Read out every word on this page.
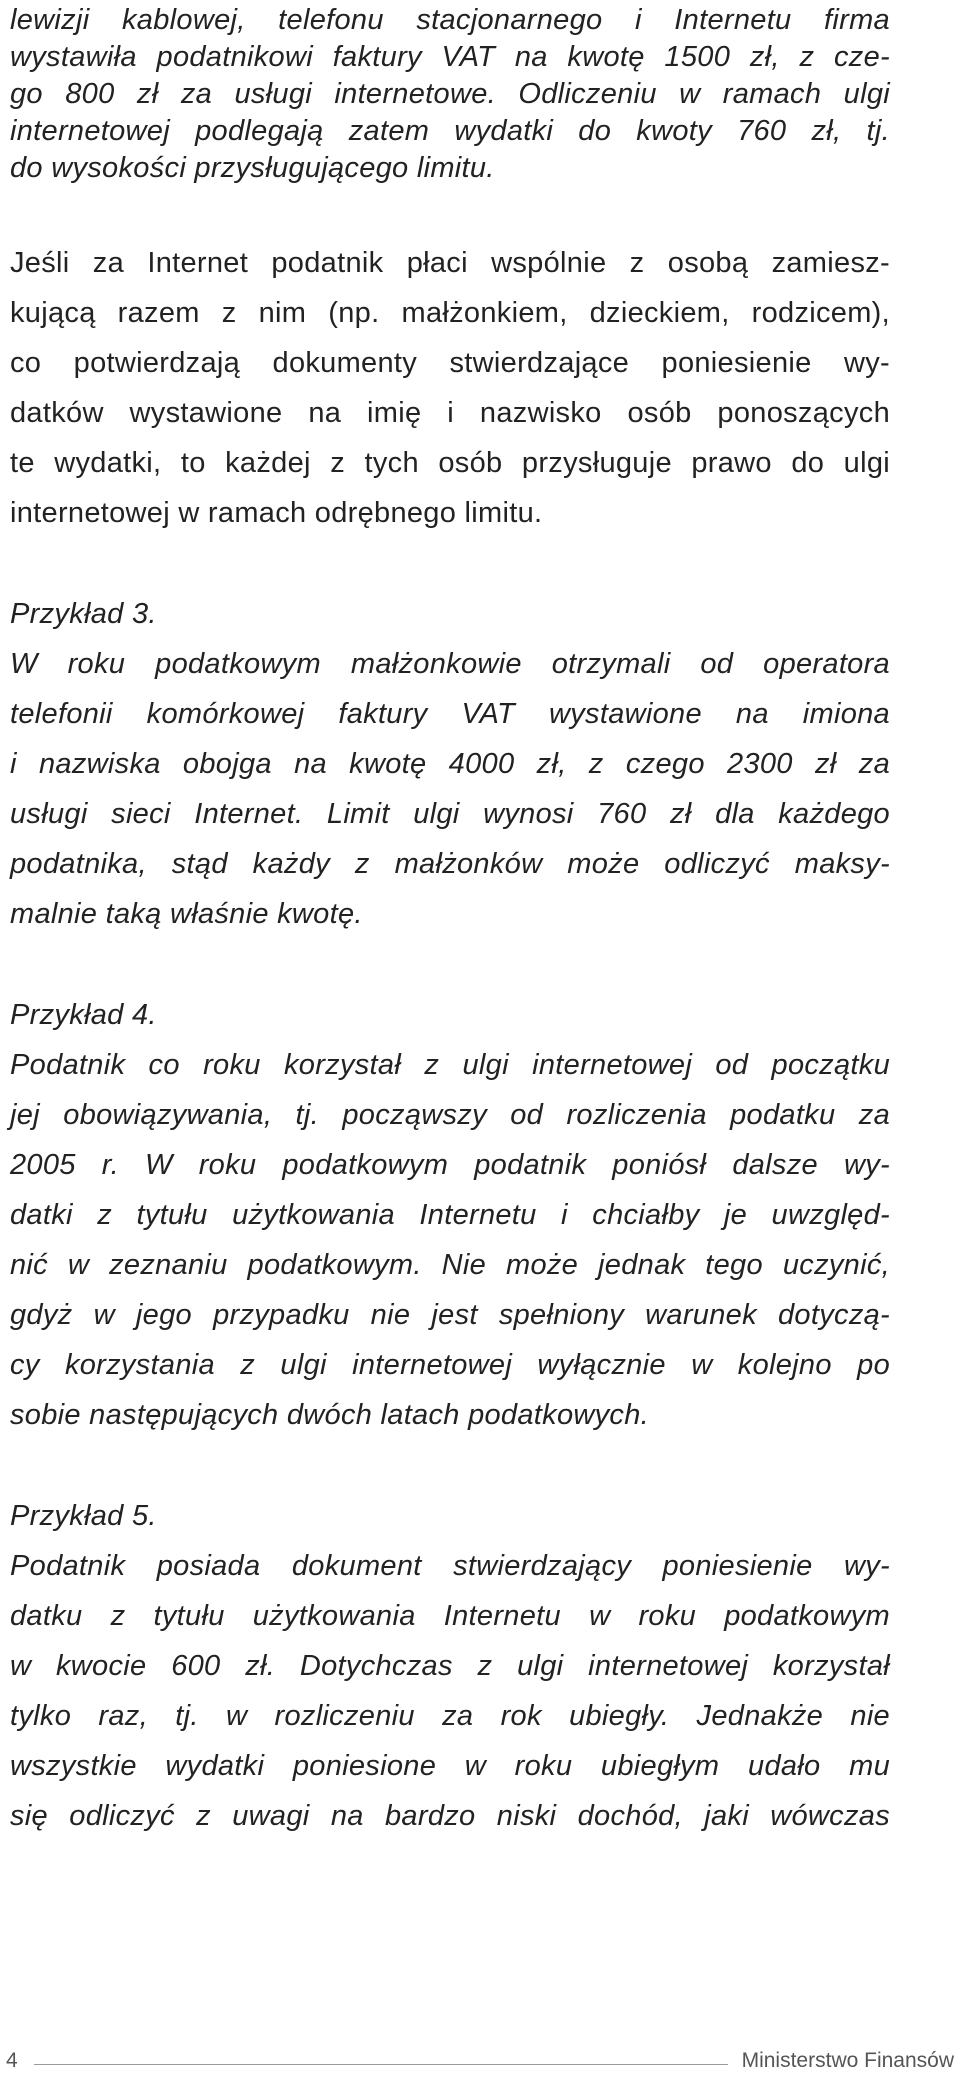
lewizji kablowej, telefonu stacjonarnego i Internetu firma
wystawiła podatnikowi faktury VAT na kwotę 1500 zł, z cze-
go 800 zł za usługi internetowe. Odliczeniu w ramach ulgi
internetowej podlegają zatem wydatki do kwoty 760 zł, tj.
do wysokości przysługującego limitu.
Jeśli za Internet podatnik płaci wspólnie z osobą zamiesz-
kującą razem z nim (np. małżonkiem, dzieckiem, rodzicem),
co potwierdzają dokumenty stwierdzające poniesienie wy-
datków wystawione na imię i nazwisko osób ponoszących
te wydatki, to każdej z tych osób przysługuje prawo do ulgi
internetowej w ramach odrębnego limitu.
Przykład 3.
W roku podatkowym małżonkowie otrzymali od operatora
telefonii komórkowej faktury VAT wystawione na imiona
i nazwiska obojga na kwotę 4000 zł, z czego 2300 zł za
usługi sieci Internet. Limit ulgi wynosi 760 zł dla każdego
podatnika, stąd każdy z małżonków może odliczyć maksy-
malnie taką właśnie kwotę.
Przykład 4.
Podatnik co roku korzystał z ulgi internetowej od początku
jej obowiązywania, tj. począwszy od rozliczenia podatku za
2005 r. W roku podatkowym podatnik poniósł dalsze wy-
datki z tytułu użytkowania Internetu i chciałby je uwzględ-
nić w zeznaniu podatkowym. Nie może jednak tego uczynić,
gdyż w jego przypadku nie jest spełniony warunek dotyczą-
cy korzystania z ulgi internetowej wyłącznie w kolejno po
sobie następujących dwóch latach podatkowych.
Przykład 5.
Podatnik posiada dokument stwierdzający poniesienie wy-
datku z tytułu użytkowania Internetu w roku podatkowym
w kwocie 600 zł. Dotychczas z ulgi internetowej korzystał
tylko raz, tj. w rozliczeniu za rok ubiegły. Jednakże nie
wszystkie wydatki poniesione w roku ubiegłym udało mu
się odliczyć z uwagi na bardzo niski dochód, jaki wówczas
4	Ministerstwo Finansów
